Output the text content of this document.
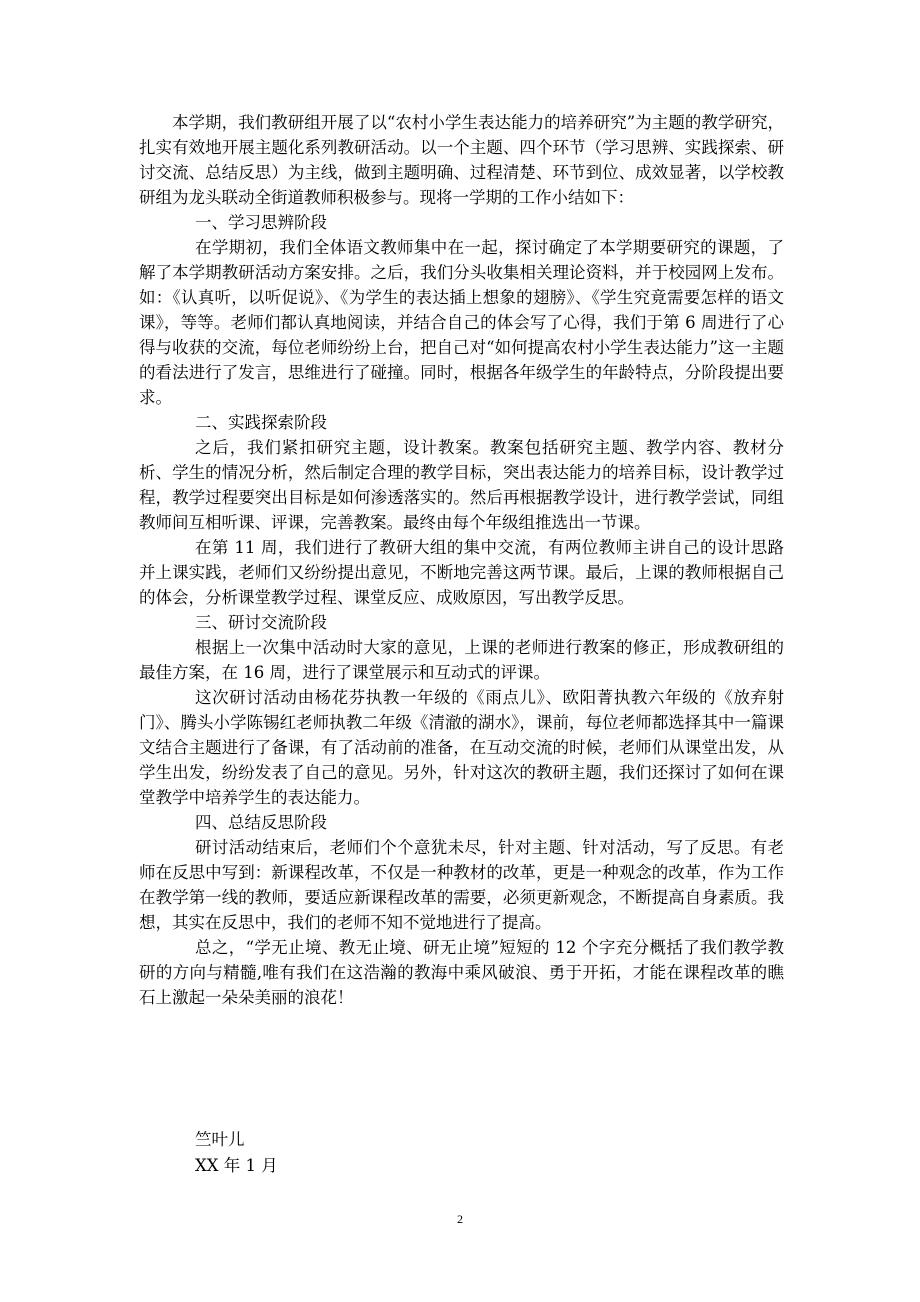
本学期，我们教研组开展了以“农村小学生表达能力的培养研究”为主题的教学研究，扎实有效地开展主题化系列教研活动。以一个主题、四个环节（学习思辨、实践探索、研讨交流、总结反思）为主线，做到主题明确、过程清楚、环节到位、成效显著，以学校教研组为龙头联动全街道教师积极参与。现将一学期的工作小结如下：

一、学习思辨阶段

在学期初，我们全体语文教师集中在一起，探讨确定了本学期要研究的课题，了解了本学期教研活动方案安排。之后，我们分头收集相关理论资料，并于校园网上发布。如：《认真听，以听促说》、《为学生的表达插上想象的翅膀》、《学生究竟需要怎样的语文课》，等等。老师们都认真地阅读，并结合自己的体会写了心得，我们于第 6 周进行了心得与收获的交流，每位老师纷纷上台，把自己对“如何提高农村小学生表达能力”这一主题的看法进行了发言，思维进行了碰撞。同时，根据各年级学生的年龄特点，分阶段提出要求。

二、实践探索阶段

之后，我们紧扣研究主题，设计教案。教案包括研究主题、教学内容、教材分析、学生的情况分析，然后制定合理的教学目标，突出表达能力的培养目标，设计教学过程，教学过程要突出目标是如何渗透落实的。然后再根据教学设计，进行教学尝试，同组教师间互相听课、评课，完善教案。最终由每个年级组推选出一节课。

在第 11 周，我们进行了教研大组的集中交流，有两位教师主讲自己的设计思路并上课实践，老师们又纷纷提出意见，不断地完善这两节课。最后，上课的教师根据自己的体会，分析课堂教学过程、课堂反应、成败原因，写出教学反思。

三、研讨交流阶段

根据上一次集中活动时大家的意见，上课的老师进行教案的修正，形成教研组的最佳方案，在 16 周，进行了课堂展示和互动式的评课。

这次研讨活动由杨花芬执教一年级的《雨点儿》、欧阳菁执教六年级的《放弃射门》、腾头小学陈锡红老师执教二年级《清澈的湖水》，课前，每位老师都选择其中一篇课文结合主题进行了备课，有了活动前的准备，在互动交流的时候，老师们从课堂出发，从学生出发，纷纷发表了自己的意见。另外，针对这次的教研主题，我们还探讨了如何在课堂教学中培养学生的表达能力。

四、总结反思阶段

研讨活动结束后，老师们个个意犹未尽，针对主题、针对活动，写了反思。有老师在反思中写到：新课程改革，不仅是一种教材的改革，更是一种观念的改革，作为工作在教学第一线的教师，要适应新课程改革的需要，必须更新观念，不断提高自身素质。我想，其实在反思中，我们的老师不知不觉地进行了提高。

总之，“学无止境、教无止境、研无止境”短短的 12 个字充分概括了我们教学教研的方向与精髓,唯有我们在这浩瀚的教海中乘风破浪、勇于开拓，才能在课程改革的瞧石上激起一朵朵美丽的浪花！

竺叶儿
XX 年 1 月
2
